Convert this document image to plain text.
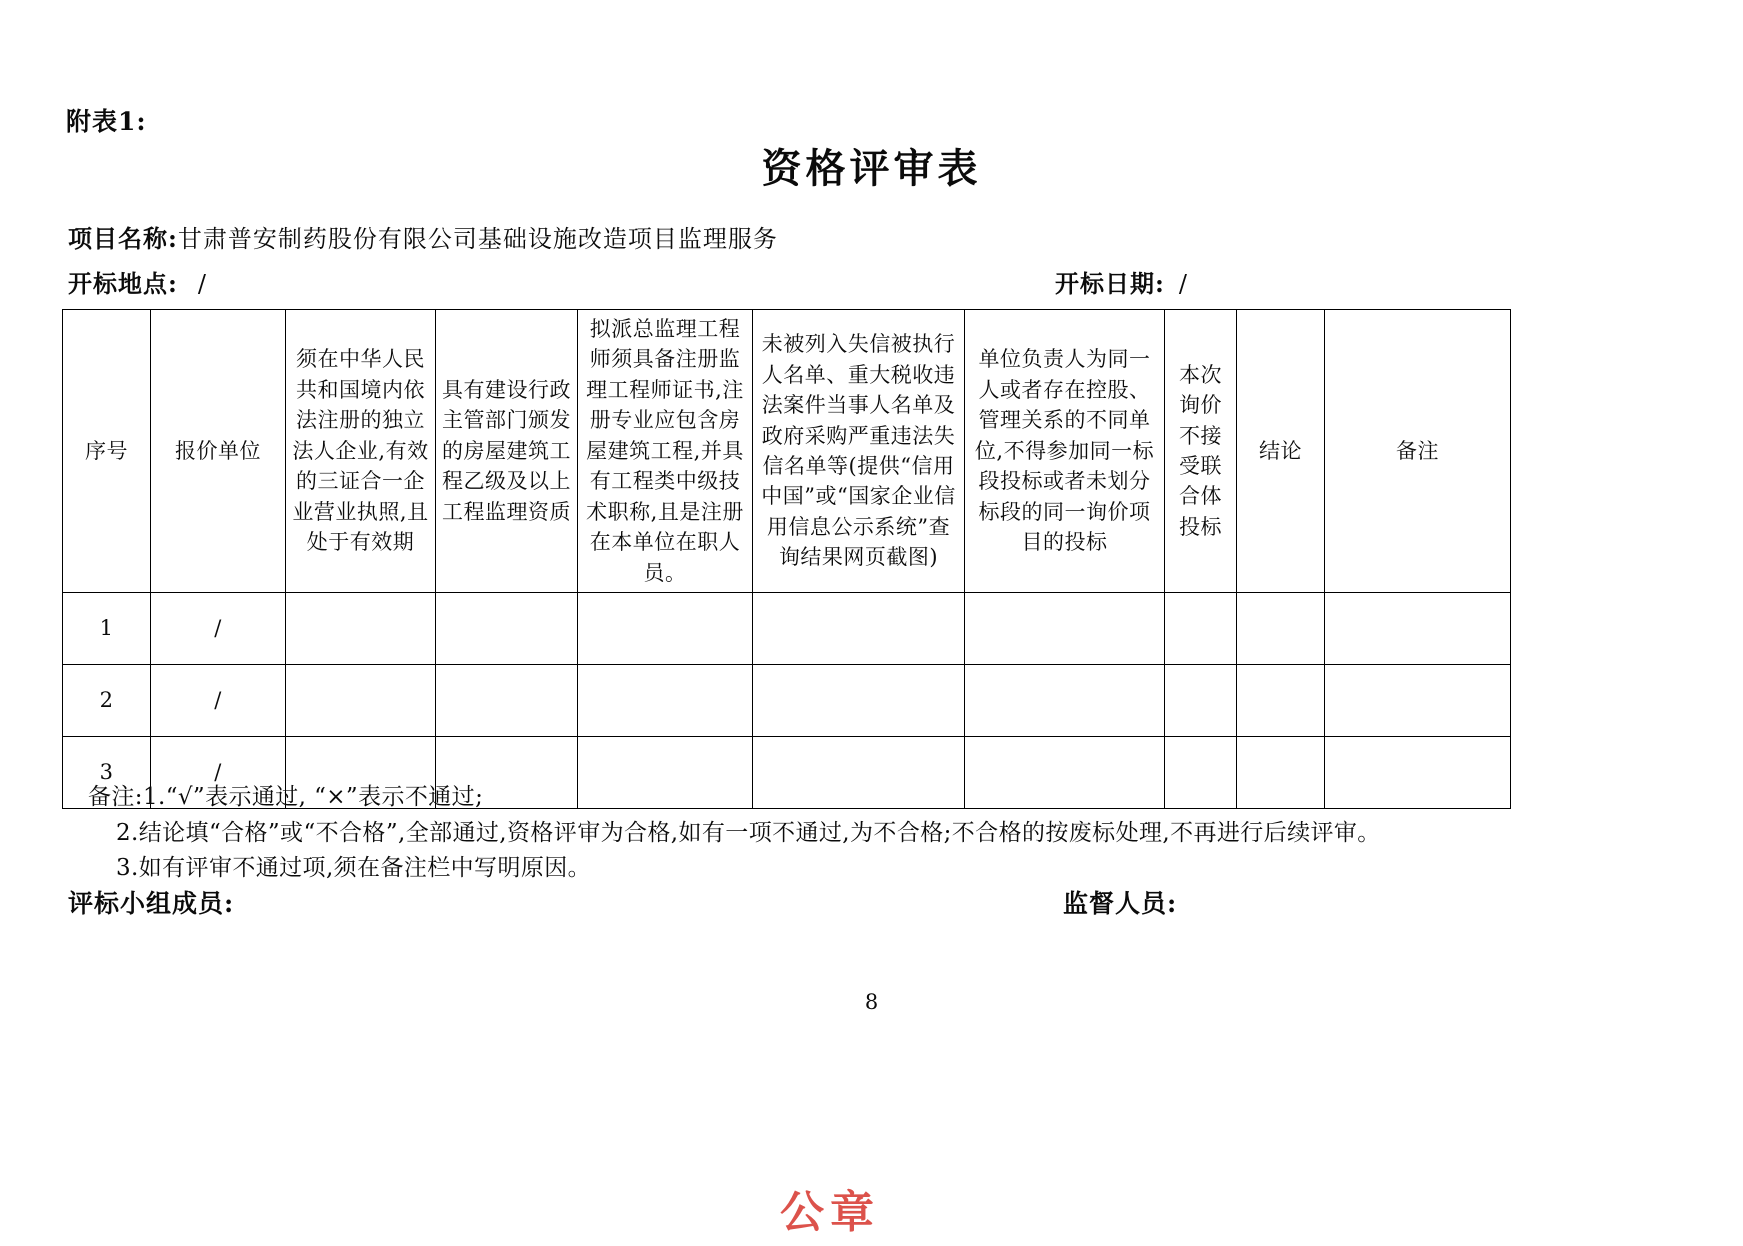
附表1:
资格评审表
项目名称:甘肃普安制药股份有限公司基础设施改造项目监理服务
开标地点: /	开标日期: /
序号	报价单位	须在中华人民共和国境内依法注册的独立法人企业,有效的三证合一企业营业执照,且处于有效期	具有建设行政主管部门颁发的房屋建筑工程乙级及以上工程监理资质	拟派总监理工程师须具备注册监理工程师证书,注册专业应包含房屋建筑工程,并具有工程类中级技术职称,且是注册在本单位在职人员。	未被列入失信被执行人名单、重大税收违法案件当事人名单及政府采购严重违法失信名单等(提供“信用中国”或“国家企业信用信息公示系统”查询结果网页截图)	单位负责人为同一人或者存在控股、管理关系的不同单位,不得参加同一标段投标或者未划分标段的同一询价项目的投标	本次询价不接受联合体投标	结论	备注
1	/								
2	/								
3	/								
备注:1.“√”表示通过, “×”表示不通过;
2.结论填“合格”或“不合格”,全部通过,资格评审为合格,如有一项不通过,为不合格;不合格的按废标处理,不再进行后续评审。
3.如有评审不通过项,须在备注栏中写明原因。
评标小组成员:	监督人员:
8
公章
